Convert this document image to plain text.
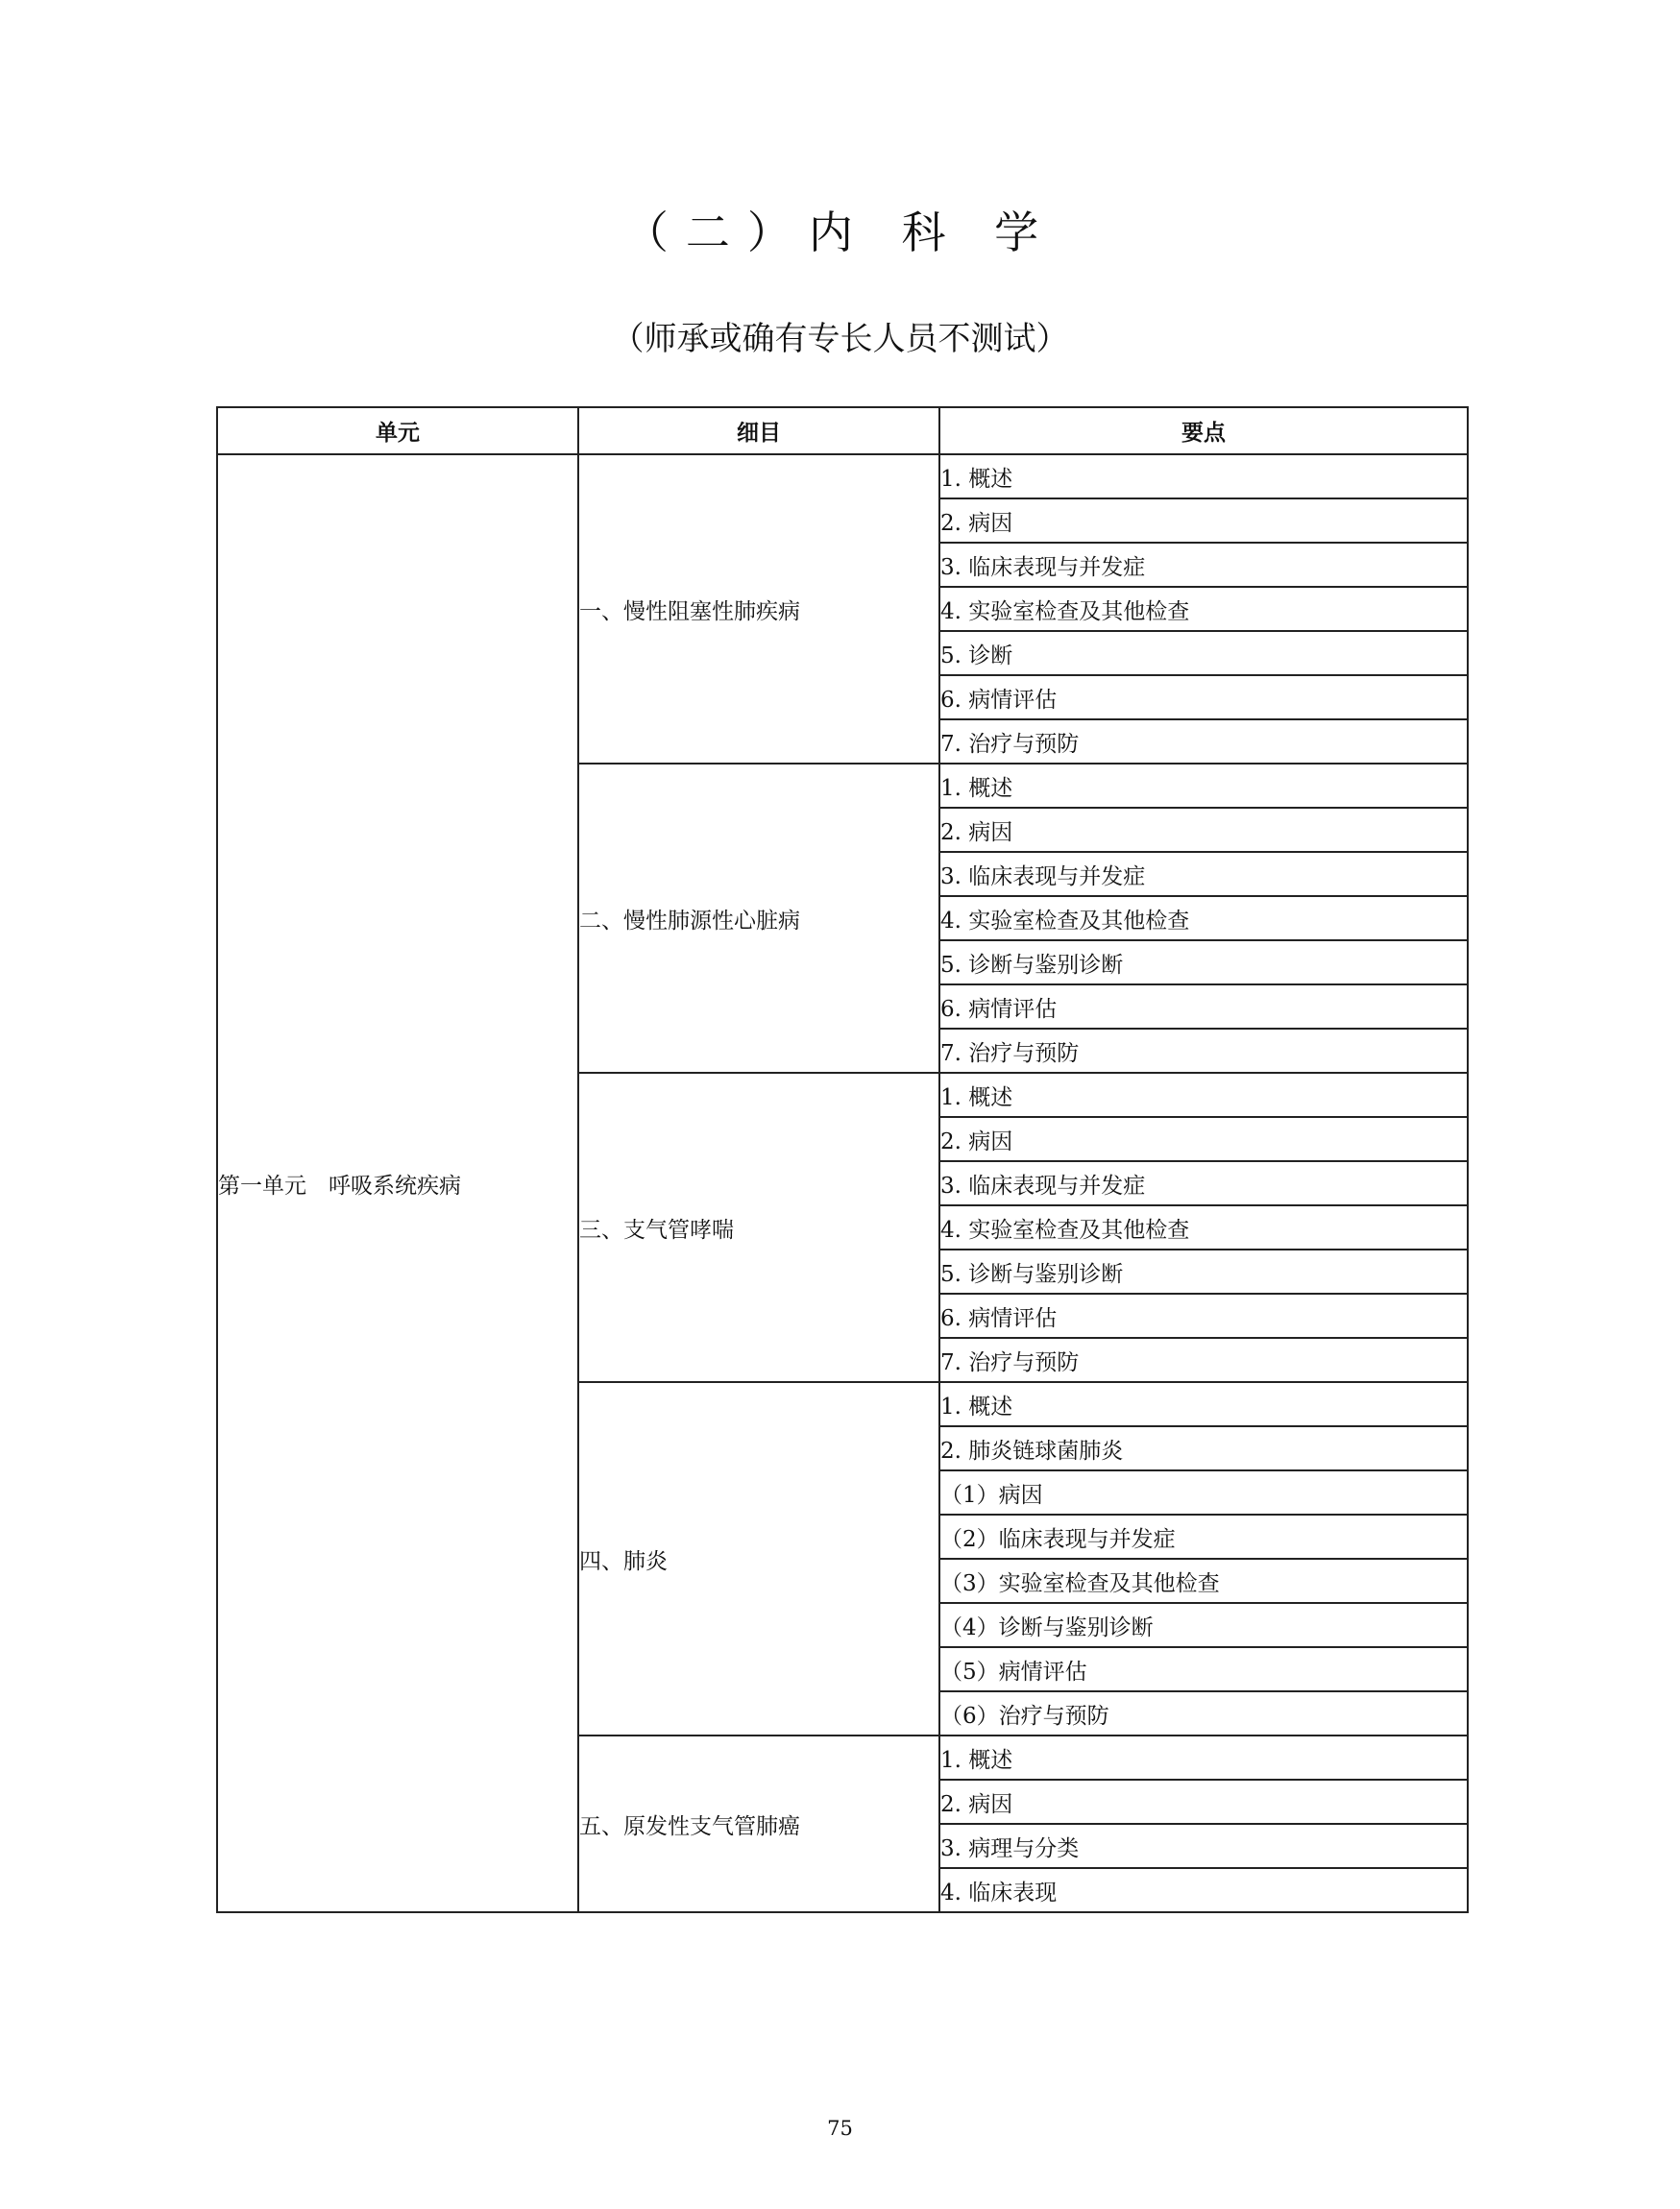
（二）内 科 学
（师承或确有专长人员不测试）
单元	细目	要点
第一单元　呼吸系统疾病	一、慢性阻塞性肺疾病	1. 概述
		2. 病因
		3. 临床表现与并发症
		4. 实验室检查及其他检查
		5. 诊断
		6. 病情评估
		7. 治疗与预防
	二、慢性肺源性心脏病	1. 概述
		2. 病因
		3. 临床表现与并发症
		4. 实验室检查及其他检查
		5. 诊断与鉴别诊断
		6. 病情评估
		7. 治疗与预防
	三、支气管哮喘	1. 概述
		2. 病因
		3. 临床表现与并发症
		4. 实验室检查及其他检查
		5. 诊断与鉴别诊断
		6. 病情评估
		7. 治疗与预防
	四、肺炎	1. 概述
		2. 肺炎链球菌肺炎
		（1）病因
		（2）临床表现与并发症
		（3）实验室检查及其他检查
		（4）诊断与鉴别诊断
		（5）病情评估
		（6）治疗与预防
	五、原发性支气管肺癌	1. 概述
		2. 病因
		3. 病理与分类
		4. 临床表现
75
